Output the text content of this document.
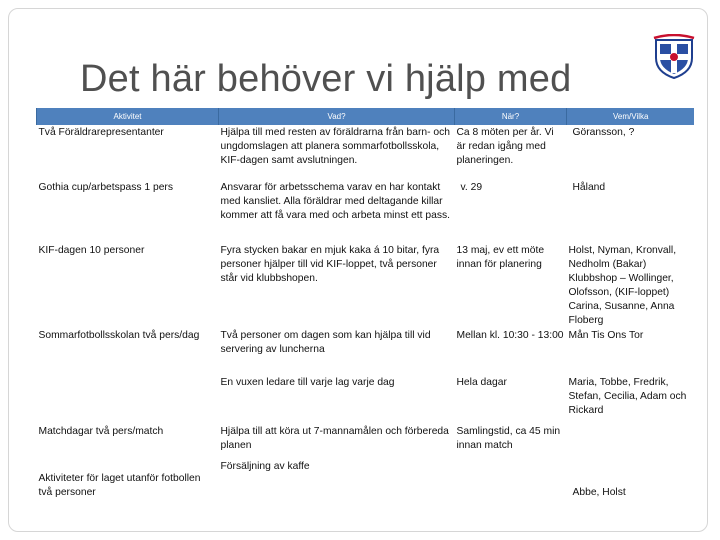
Det här behöver vi hjälp med
Aktivitet	Vad?	När?	Vem/Vilka
Två Föräldrarepresentanter	Hjälpa till med resten av föräldrarna från barn- och ungdomslagen att planera sommarfotbollsskola, KIF-dagen samt avslutningen.	Ca 8 möten per år. Vi är redan igång med planeringen.	Göransson, ?
Gothia cup/arbetspass 1 pers	Ansvarar för arbetsschema varav en har kontakt med kansliet. Alla föräldrar med deltagande killar kommer att få vara med och arbeta minst ett pass.	v. 29	Håland
KIF-dagen 10 personer	Fyra stycken bakar en mjuk kaka á 10 bitar, fyra personer hjälper till vid KIF-loppet, två personer står vid klubbshopen.	13 maj, ev ett möte innan för planering	Holst, Nyman, Kronvall, Nedholm (Bakar) Klubbshop – Wollinger, Olofsson, (KIF-loppet) Carina, Susanne, Anna Floberg
Sommarfotbollsskolan två pers/dag	Två personer om dagen som kan hjälpa till vid servering av luncherna	Mellan kl. 10:30 - 13:00	Mån Tis Ons Tor
	En vuxen ledare till varje lag varje dag	Hela dagar	Maria, Tobbe, Fredrik, Stefan, Cecilia, Adam och Rickard
Matchdagar två pers/match	Hjälpa till att köra ut 7-mannamålen och förbereda planen	Samlingstid, ca 45 min innan match	
Aktiviteter för laget utanför fotbollen två personer	Försäljning av kaffe		Abbe, Holst
